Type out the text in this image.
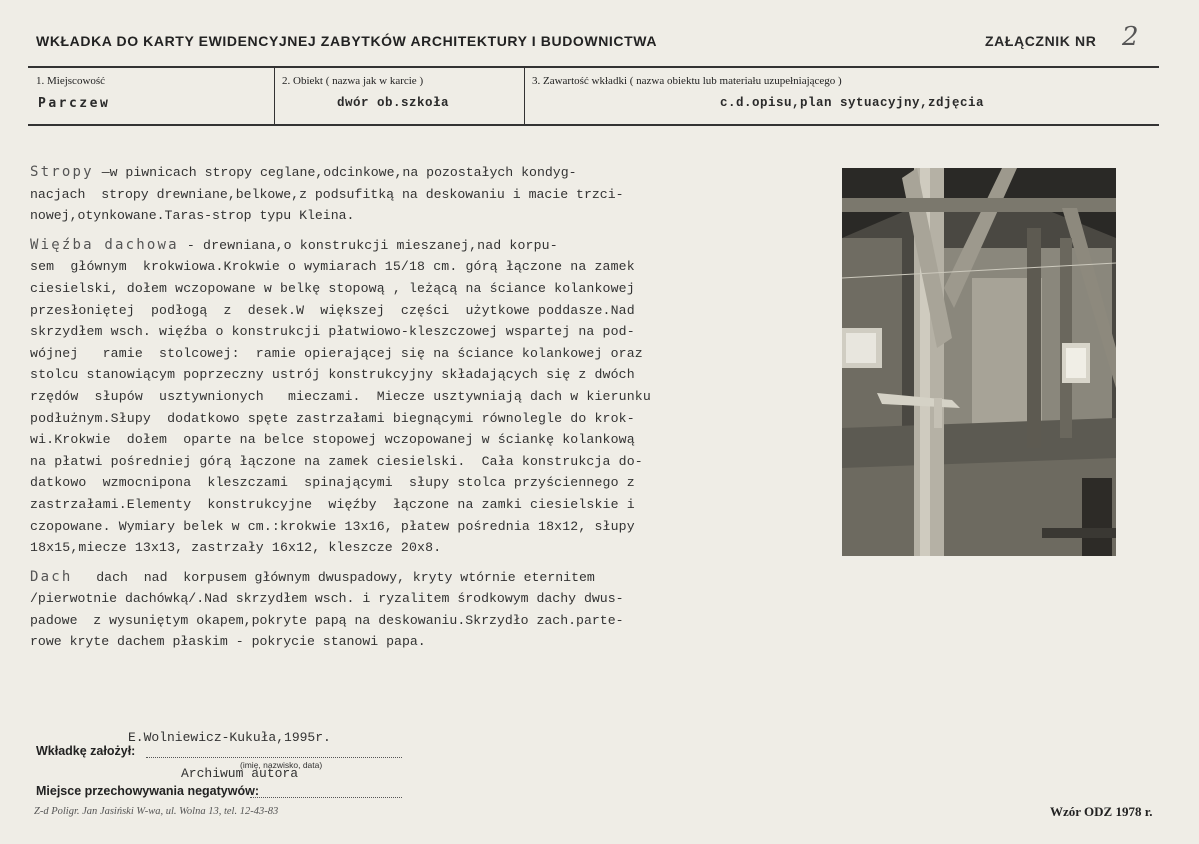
WKŁADKA DO KARTY EWIDENCYJNEJ ZABYTKÓW ARCHITEKTURY I BUDOWNICTWA	ZAŁĄCZNIK NR 2
1. Miejscowość
Parczew
2. Obiekt ( nazwa jak w karcie )
dwór ob.szkoła
3. Zawartość wkładki ( nazwa obiektu lub materiału uzupełniającego )
c.d.opisu,plan sytuacyjny,zdjęcia
Stropy —w piwnicach stropy ceglane,odcinkowe,na pozostałych kondyg-
nacjach  stropy drewniane,belkowe,z podsufitką na deskowaniu i macie trzci-
nowej,otynkowane.Taras-strop typu Kleina.
Więźba dachowa - drewniana,o konstrukcji mieszanej,nad korpu-
sem  głównym  krokwiowa.Krokwie o wymiarach 15/18 cm. górą łączone na zamek
ciesielski, dołem wczopowane w belkę stopową , leżącą na ściance kolankowej
przesłoniętej  podłogą  z  desek.W  większej  części  użytkowe poddasze.Nad
skrzydłem wsch. więźba o konstrukcji płatwiowo-kleszczowej wspartej na pod-
wójnej   ramie  stolcowej:  ramie opierającej się na ściance kolankowej oraz
stolcu stanowiącym poprzeczny ustrój konstrukcyjny składających się z dwóch
rzędów  słupów  usztywnionych   mieczami.  Miecze usztywniają dach w kierunku
podłużnym.Słupy  dodatkowo spęte zastrzałami biegnącymi równolegle do krok-
wi.Krokwie  dołem  oparte na belce stopowej wczopowanej w ściankę kolankową
na płatwi pośredniej górą łączone na zamek ciesielski.  Cała konstrukcja do-
datkowo  wzmocnipona  kleszczami  spinającymi  słupy stolca przyściennego z
zastrzałami.Elementy  konstrukcyjne  więźby  łączone na zamki ciesielskie i
czopowane. Wymiary belek w cm.:krokwie 13x16, płatew pośrednia 18x12, słupy
18x15,miecze 13x13, zastrzały 16x12, kleszcze 20x8.
Dach   dach  nad  korpusem głównym dwuspadowy, kryty wtórnie eternitem
/pierwotnie dachówką/.Nad skrzydłem wsch. i ryzalitem środkowym dachy dwus-
padowe  z wysuniętym okapem,pokryte papą na deskowaniu.Skrzydło zach.parte-
rowe kryte dachem płaskim - pokrycie stanowi papa.
E.Wolniewicz-Kukuła,1995r.
Wkładkę założył:
(imię, nazwisko, data)
Archiwum autora
Miejsce przechowywania negatywów:
Z-d Poligr. Jan Jasiński W-wa, ul. Wolna 13, tel. 12-43-83	Wzór ODZ 1978 r.
